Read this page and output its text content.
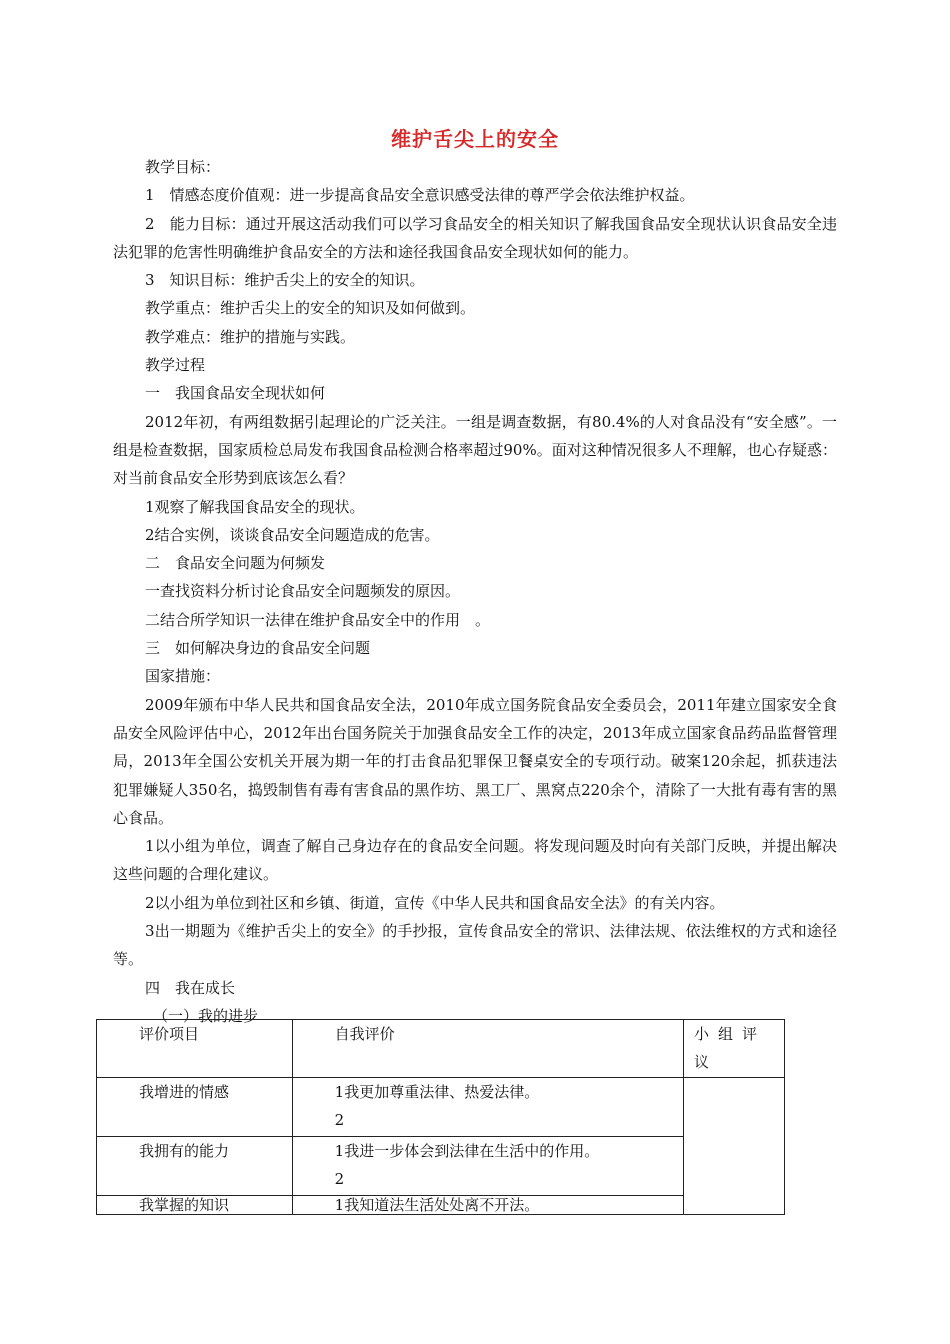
维护舌尖上的安全

教学目标：

1　情感态度价值观：进一步提高食品安全意识感受法律的尊严学会依法维护权益。

2　能力目标：通过开展这活动我们可以学习食品安全的相关知识了解我国食品安全现状认识食品安全违法犯罪的危害性明确维护食品安全的方法和途径我国食品安全现状如何的能力。

3　知识目标：维护舌尖上的安全的知识。

教学重点：维护舌尖上的安全的知识及如何做到。

教学难点：维护的措施与实践。

教学过程

一　我国食品安全现状如何

2012年初，有两组数据引起理论的广泛关注。一组是调查数据，有80.4%的人对食品没有“安全感”。一组是检查数据，国家质检总局发布我国食品检测合格率超过90%。面对这种情况很多人不理解，也心存疑惑：对当前食品安全形势到底该怎么看？

1观察了解我国食品安全的现状。

2结合实例，谈谈食品安全问题造成的危害。

二　食品安全问题为何频发

一查找资料分析讨论食品安全问题频发的原因。

二结合所学知识一法律在维护食品安全中的作用　。

三　如何解决身边的食品安全问题

国家措施：

2009年颁布中华人民共和国食品安全法，2010年成立国务院食品安全委员会，2011年建立国家安全食品安全风险评估中心，2012年出台国务院关于加强食品安全工作的决定，2013年成立国家食品药品监督管理局，2013年全国公安机关开展为期一年的打击食品犯罪保卫餐桌安全的专项行动。破案120余起，抓获违法犯罪嫌疑人350名，捣毁制售有毒有害食品的黑作坊、黑工厂、黑窝点220余个，清除了一大批有毒有害的黑心食品。

1以小组为单位，调查了解自己身边存在的食品安全问题。将发现问题及时向有关部门反映，并提出解决这些问题的合理化建议。

2以小组为单位到社区和乡镇、街道，宣传《中华人民共和国食品安全法》的有关内容。

3出一期题为《维护舌尖上的安全》的手抄报，宣传食品安全的常识、法律法规、依法维权的方式和途径等。

四　我在成长

（一）我的进步

评价项目	自我评价	小组评议

我增进的情感	1我更加尊重法律、热爱法律。
2	

我拥有的能力	1我进一步体会到法律在生活中的作用。
2	

我掌握的知识	1我知道法生活处处离不开法。	
